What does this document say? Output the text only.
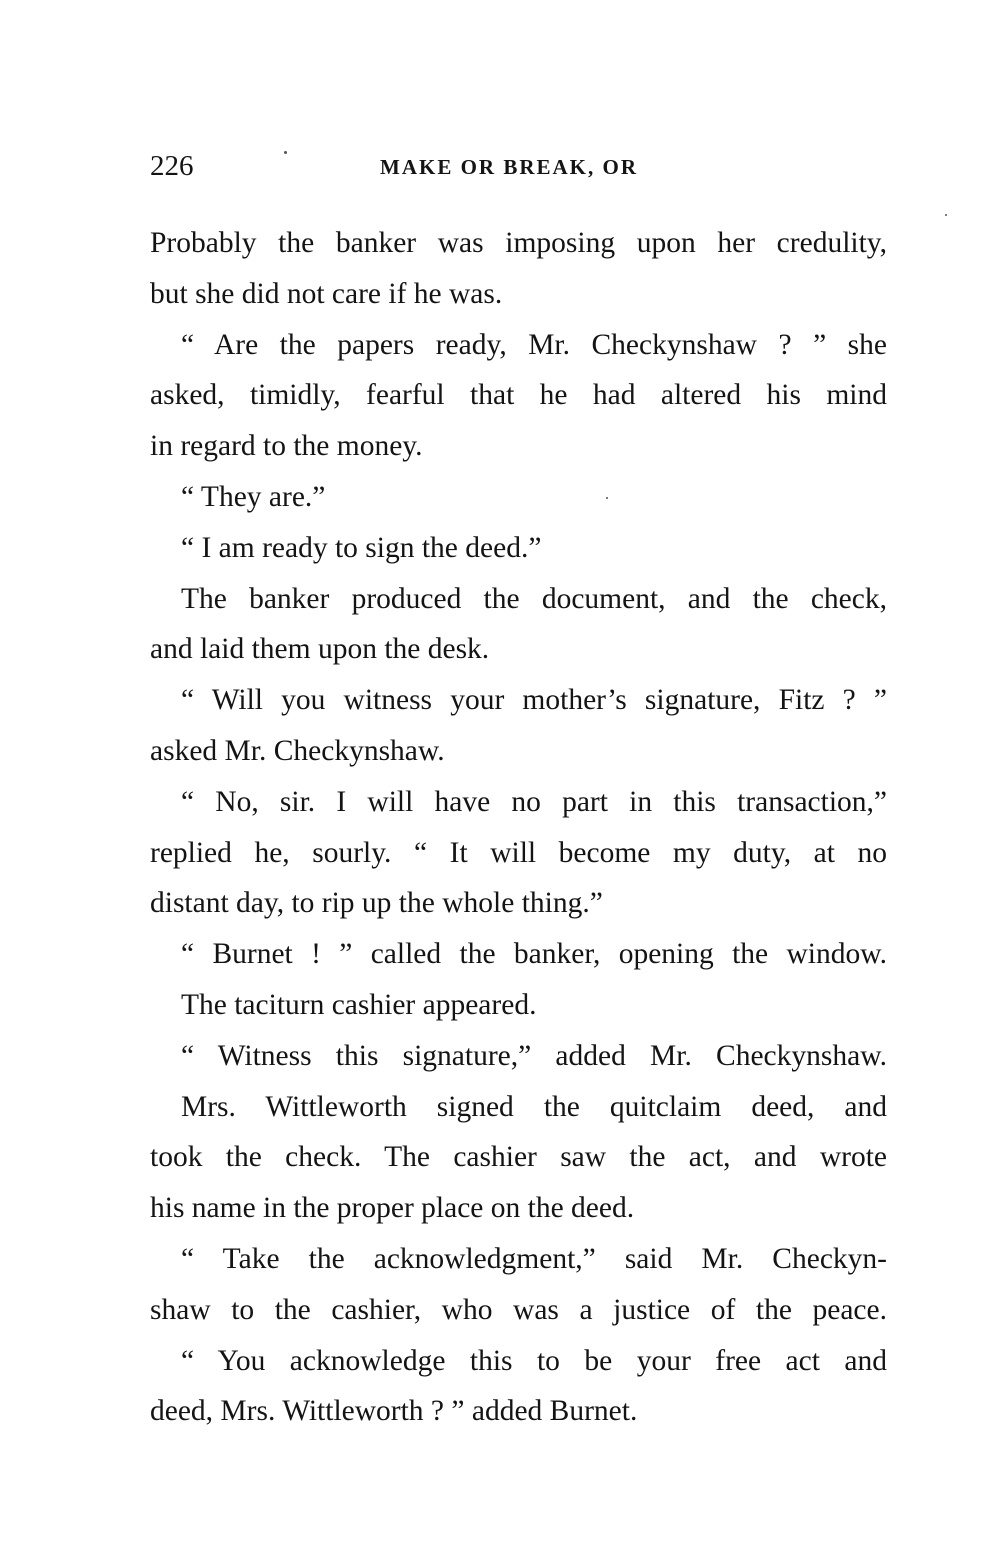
226	MAKE OR BREAK, OR
Probably the banker was imposing upon her credulity,
but she did not care if he was.
“ Are the papers ready, Mr. Checkynshaw ? ” she
asked, timidly, fearful that he had altered his mind
in regard to the money.
“ They are.”
“ I am ready to sign the deed.”
The banker produced the document, and the check,
and laid them upon the desk.
“ Will you witness your mother’s signature, Fitz ? ”
asked Mr. Checkynshaw.
“ No, sir. I will have no part in this transaction,”
replied he, sourly. “ It will become my duty, at no
distant day, to rip up the whole thing.”
“ Burnet ! ” called the banker, opening the window.
The taciturn cashier appeared.
“ Witness this signature,” added Mr. Checkynshaw.
Mrs. Wittleworth signed the quitclaim deed, and
took the check. The cashier saw the act, and wrote
his name in the proper place on the deed.
“ Take the acknowledgment,” said Mr. Checkyn-
shaw to the cashier, who was a justice of the peace.
“ You acknowledge this to be your free act and
deed, Mrs. Wittleworth ? ” added Burnet.
